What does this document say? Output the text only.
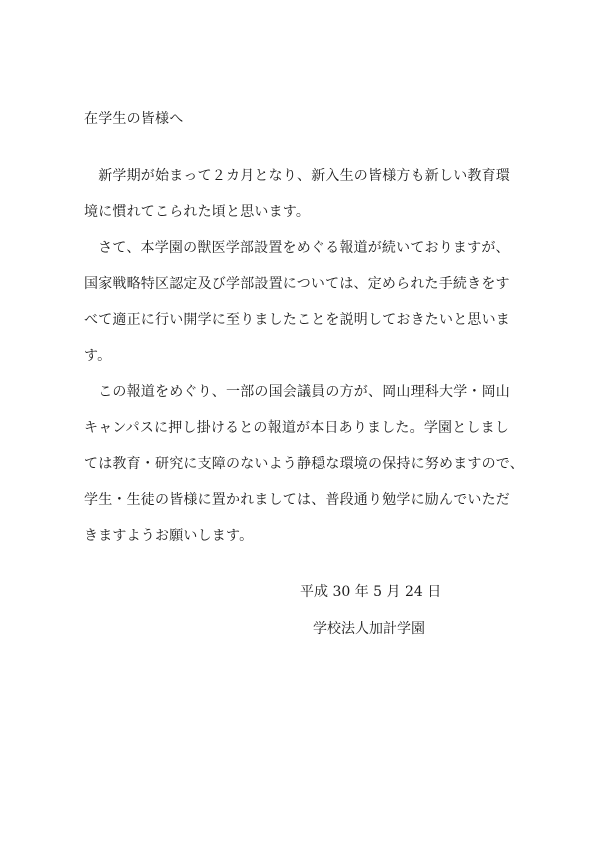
在学生の皆様へ
　新学期が始まって２カ月となり、新入生の皆様方も新しい教育環
境に慣れてこられた頃と思います。
　さて、本学園の獣医学部設置をめぐる報道が続いておりますが、
国家戦略特区認定及び学部設置については、定められた手続きをす
べて適正に行い開学に至りましたことを説明しておきたいと思いま
す。
　この報道をめぐり、一部の国会議員の方が、岡山理科大学・岡山
キャンパスに押し掛けるとの報道が本日ありました。学園としまし
ては教育・研究に支障のないよう静穏な環境の保持に努めますので、
学生・生徒の皆様に置かれましては、普段通り勉学に励んでいただ
きますようお願いします。
平成 30 年 5 月 24 日
学校法人加計学園
